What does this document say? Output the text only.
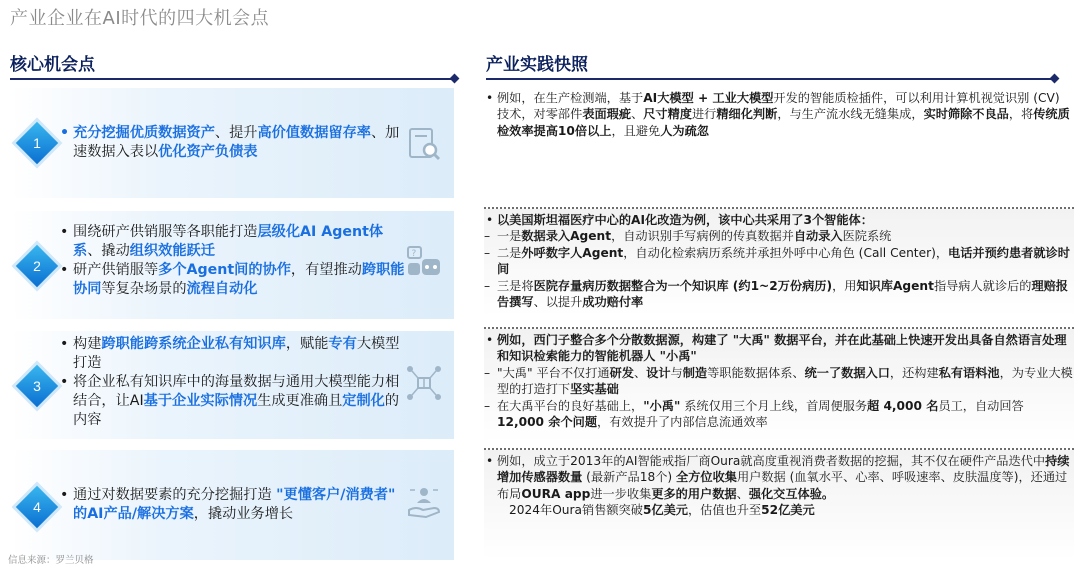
产业企业在AI时代的四大机会点
核心机会点	产业实践快照
1
• 充分挖掘优质数据资产、提升高价值数据留存率、加速数据入表以优化资产负债表
2
• 围绕研产供销服等各职能打造层级化AI Agent体系、撬动组织效能跃迁
• 研产供销服等多个Agent间的协作，有望推动跨职能协同等复杂场景的流程自动化
?
3
• 构建跨职能跨系统企业私有知识库，赋能专有大模型打造
• 将企业私有知识库中的海量数据与通用大模型能力相结合，让AI基于企业实际情况生成更准确且定制化的内容
4
• 通过对数据要素的充分挖掘打造 "更懂客户/消费者" 的AI产品/解决方案，撬动业务增长

• 例如，在生产检测端，基于AI大模型 + 工业大模型开发的智能质检插件，可以利用计算机视觉识别 (CV) 技术，对零部件表面瑕疵、尺寸精度进行精细化判断，与生产流水线无缝集成，实时筛除不良品，将传统质检效率提高10倍以上，且避免人为疏忽

• 以美国斯坦福医疗中心的AI化改造为例，该中心共采用了3个智能体：

– 一是数据录入Agent，自动识别手写病例的传真数据并自动录入医院系统

– 二是外呼数字人Agent，自动化检索病历系统并承担外呼中心角色 (Call Center)，电话并预约患者就诊时间

– 三是将医院存量病历数据整合为一个知识库 (约1~2万份病历)，用知识库Agent指导病人就诊后的理赔报告撰写、以提升成功赔付率

• 例如，西门子整合多个分散数据源，构建了 "大禹" 数据平台，并在此基础上快速开发出具备自然语言处理和知识检索能力的智能机器人 "小禹"

– "大禹" 平台不仅打通研发、设计与制造等职能数据体系、统一了数据入口，还构建私有语料池，为专业大模型的打造打下坚实基础

– 在大禹平台的良好基础上，"小禹" 系统仅用三个月上线，首周便服务超 4,000 名员工，自动回答 12,000 余个问题，有效提升了内部信息流通效率

• 例如，成立于2013年的AI智能戒指厂商Oura就高度重视消费者数据的挖掘，其不仅在硬件产品迭代中持续增加传感器数量 (最新产品18个) 全方位收集用户数据 (血氧水平、心率、呼吸速率、皮肤温度等)，还通过布局OURA app进一步收集更多的用户数据、强化交互体验。

2024年Oura销售额突破5亿美元，估值也升至52亿美元

信息来源：罗兰贝格
